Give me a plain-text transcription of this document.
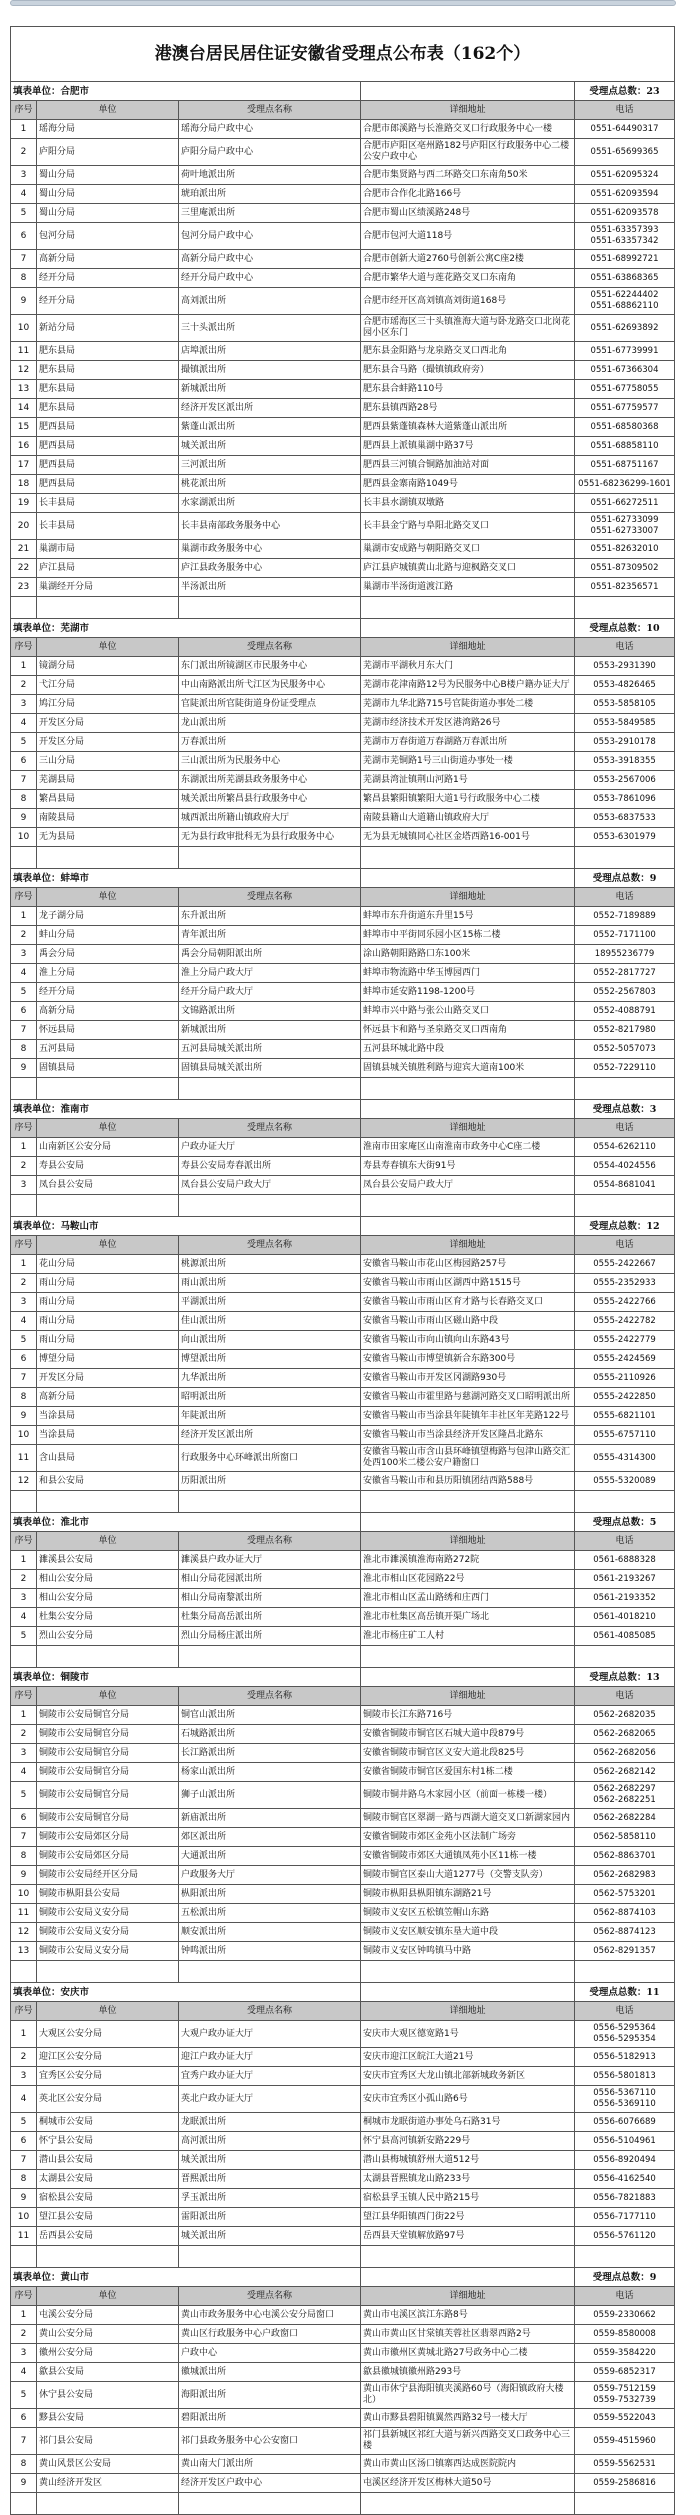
港澳台居民居住证安徽省受理点公布表（162个）				
填表单位：合肥市				受理点总数：23
序号	单位	受理点名称	详细地址	电话
1	瑶海分局	瑶海分局户政中心	合肥市郎溪路与长淮路交叉口行政服务中心一楼	0551-64490317
2	庐阳分局	庐阳分局户政中心	合肥市庐阳区亳州路182号庐阳区行政服务中心二楼公安户政中心	0551-65699365
3	蜀山分局	荷叶地派出所	合肥市集贤路与西二环路交口东南角50米	0551-62095324
4	蜀山分局	琥珀派出所	合肥市合作化北路166号	0551-62093594
5	蜀山分局	三里庵派出所	合肥市蜀山区绩溪路248号	0551-62093578
6	包河分局	包河分局户政中心	合肥市包河大道118号	0551-63357393
0551-63357342
7	高新分局	高新分局户政中心	合肥市创新大道2760号创新公寓C座2楼	0551-68992721
8	经开分局	经开分局户政中心	合肥市繁华大道与莲花路交叉口东南角	0551-63868365
9	经开分局	高刘派出所	合肥市经开区高刘镇高刘街道168号	0551-62244402
0551-68862110
10	新站分局	三十头派出所	合肥市瑶海区三十头镇淮海大道与卧龙路交口北岗花园小区东门	0551-62693892
11	肥东县局	店埠派出所	肥东县金阳路与龙泉路交叉口西北角	0551-67739991
12	肥东县局	撮镇派出所	肥东县合马路（撮镇镇政府旁）	0551-67366304
13	肥东县局	新城派出所	肥东县合蚌路110号	0551-67758055
14	肥东县局	经济开发区派出所	肥东县镇西路28号	0551-67759577
15	肥西县局	紫蓬山派出所	肥西县紫蓬镇森林大道紫蓬山派出所	0551-68580368
16	肥西县局	城关派出所	肥西县上派镇巢湖中路37号	0551-68858110
17	肥西县局	三河派出所	肥西县三河镇合铜路加油站对面	0551-68751167
18	肥西县局	桃花派出所	肥西县金寨南路1049号	0551-68236299-1601
19	长丰县局	水家湖派出所	长丰县水湖镇双墩路	0551-66272511
20	长丰县局	长丰县南部政务服务中心	长丰县金宁路与阜阳北路交叉口	0551-62733099
0551-62733007
21	巢湖市局	巢湖市政务服务中心	巢湖市安成路与朝阳路交叉口	0551-82632010
22	庐江县局	庐江县政务服务中心	庐江县庐城镇黄山北路与迎枫路交叉口	0551-87309502
23	巢湖经开分局	半汤派出所	巢湖市半汤街道渡江路	0551-82356571

填表单位：芜湖市				受理点总数：10
序号	单位	受理点名称	详细地址	电话
1	镜湖分局	东门派出所镜湖区市民服务中心	芜湖市平湖秋月东大门	0553-2931390
2	弋江分局	中山南路派出所弋江区为民服务中心	芜湖市花津南路12号为民服务中心B楼户籍办证大厅	0553-4826465
3	鸠江分局	官陡派出所官陡街道身份证受理点	芜湖市九华北路715号官陡街道办事处二楼	0553-5858105
4	开发区分局	龙山派出所	芜湖市经济技术开发区港湾路26号	0553-5849585
5	开发区分局	万春派出所	芜湖市万春街道万春湖路万春派出所	0553-2910178
6	三山分局	三山派出所为民服务中心	芜湖市芜铜路1号三山街道办事处一楼	0553-3918355
7	芜湖县局	东湖派出所芜湖县政务服务中心	芜湖县湾沚镇荆山河路1号	0553-2567006
8	繁昌县局	城关派出所繁昌县行政服务中心	繁昌县繁阳镇繁阳大道1号行政服务中心二楼	0553-7861096
9	南陵县局	城西派出所籍山镇政府大厅	南陵县籍山大道籍山镇政府大厅	0553-6837533
10	无为县局	无为县行政审批科无为县行政服务中心	无为县无城镇同心社区金塔西路16-001号	0553-6301979

填表单位：蚌埠市				受理点总数：9
序号	单位	受理点名称	详细地址	电话
1	龙子湖分局	东升派出所	蚌埠市东升街道东升里15号	0552-7189889
2	蚌山分局	青年派出所	蚌埠市中平街同乐园小区15栋二楼	0552-7171100
3	禹会分局	禹会分局朝阳派出所	涂山路朝阳路路口东100米	18955236779
4	淮上分局	淮上分局户政大厅	蚌埠市物流路中华玉博园西门	0552-2817727
5	经开分局	经开分局户政大厅	蚌埠市延安路1198-1200号	0552-2567803
6	高新分局	文锦路派出所	蚌埠市兴中路与张公山路交叉口	0552-4088791
7	怀远县局	新城派出所	怀远县卞和路与圣泉路交叉口西南角	0552-8217980
8	五河县局	五河县局城关派出所	五河县环城北路中段	0552-5057073
9	固镇县局	固镇县局城关派出所	固镇县城关镇胜利路与迎宾大道南100米	0552-7229110

填表单位：淮南市				受理点总数：3
序号	单位	受理点名称	详细地址	电话
1	山南新区公安分局	户政办证大厅	淮南市田家庵区山南淮南市政务中心C座二楼	0554-6262110
2	寿县公安局	寿县公安局寿春派出所	寿县寿春镇东大街91号	0554-4024556
3	凤台县公安局	凤台县公安局户政大厅	凤台县公安局户政大厅	0554-8681041

填表单位：马鞍山市				受理点总数：12
序号	单位	受理点名称	详细地址	电话
1	花山分局	桃源派出所	安徽省马鞍山市花山区梅园路257号	0555-2422667
2	雨山分局	雨山派出所	安徽省马鞍山市雨山区湖西中路1515号	0555-2352933
3	雨山分局	平湖派出所	安徽省马鞍山市雨山区育才路与长春路交叉口	0555-2422766
4	雨山分局	佳山派出所	安徽省马鞍山市雨山区磁山路中段	0555-2422782
5	雨山分局	向山派出所	安徽省马鞍山市向山镇向山东路43号	0555-2422779
6	博望分局	博望派出所	安徽省马鞍山市博望镇新合东路300号	0555-2424569
7	开发区分局	九华派出所	安徽省马鞍山市开发区冈湖路930号	0555-2110926
8	高新分局	昭明派出所	安徽省马鞍山市霍里路与慈湖河路交叉口昭明派出所	0555-2422850
9	当涂县局	年陡派出所	安徽省马鞍山市当涂县年陡镇年丰社区年芜路122号	0555-6821101
10	当涂县局	经济开发区派出所	安徽省马鞍山市当涂县经济开发区隆昌北路东	0555-6757110
11	含山县局	行政服务中心环峰派出所窗口	安徽省马鞍山市含山县环峰镇望梅路与包津山路交汇处西100米二楼公安户籍窗口	0555-4314300
12	和县公安局	历阳派出所	安徽省马鞍山市和县历阳镇团结西路588号	0555-5320089

填表单位：淮北市				受理点总数：5
序号	单位	受理点名称	详细地址	电话
1	濉溪县公安局	濉溪县户政办证大厅	淮北市濉溪镇淮海南路272院	0561-6888328
2	相山公安分局	相山分局花园派出所	淮北市相山区花园路22号	0561-2193267
3	相山公安分局	相山分局南黎派出所	淮北市相山区孟山路绣和庄西门	0561-2193352
4	杜集公安分局	杜集分局高岳派出所	淮北市杜集区高岳镇开渠广场北	0561-4018210
5	烈山公安分局	烈山分局杨庄派出所	淮北市杨庄矿工人村	0561-4085085

填表单位：铜陵市				受理点总数：13
序号	单位	受理点名称	详细地址	电话
1	铜陵市公安局铜官分局	铜官山派出所	铜陵市长江东路716号	0562-2682035
2	铜陵市公安局铜官分局	石城路派出所	安徽省铜陵市铜官区石城大道中段879号	0562-2682065
3	铜陵市公安局铜官分局	长江路派出所	安徽省铜陵市铜官区义安大道北段825号	0562-2682056
4	铜陵市公安局铜官分局	杨家山派出所	安徽省铜陵市铜官区爱国东村1栋二楼	0562-2682142
5	铜陵市公安局铜官分局	狮子山派出所	铜陵市铜井路乌木家园小区（前面一栋楼一楼）	0562-2682297
0562-2682251
6	铜陵市公安局铜官分局	新庙派出所	铜陵市铜官区翠湖一路与西湖大道交叉口新湖家园内	0562-2682284
7	铜陵市公安局郊区分局	郊区派出所	安徽省铜陵市郊区金苑小区法制广场旁	0562-5858110
8	铜陵市公安局郊区分局	大通派出所	安徽省铜陵市郊区大通镇凤苑小区11栋一楼	0562-8863701
9	铜陵市公安局经开区分局	户政服务大厅	铜陵市铜官区泰山大道1277号（交警支队旁）	0562-2682983
10	铜陵市枞阳县公安局	枞阳派出所	铜陵市枞阳县枞阳镇东湖路21号	0562-5753201
11	铜陵市公安局义安分局	五松派出所	铜陵市义安区五松镇笠帽山东路	0562-8874103
12	铜陵市公安局义安分局	顺安派出所	铜陵市义安区顺安镇东垦大道中段	0562-8874123
13	铜陵市公安局义安分局	钟鸣派出所	铜陵市义安区钟鸣镇马中路	0562-8291357

填表单位：安庆市				受理点总数：11
序号	单位	受理点名称	详细地址	电话
1	大观区公安分局	大观户政办证大厅	安庆市大观区德宽路1号	0556-5295364
0556-5295354
2	迎江区公安分局	迎江户政办证大厅	安庆市迎江区皖江大道21号	0556-5182913
3	宜秀区公安分局	宜秀户政办证大厅	安庆市宜秀区大龙山镇北部新城政务新区	0556-5801813
4	英北区公安分局	英北户政办证大厅	安庆市宜秀区小孤山路6号	0556-5367110
0556-5369110
5	桐城市公安局	龙眠派出所	桐城市龙眠街道办事处乌石路31号	0556-6076689
6	怀宁县公安局	高河派出所	怀宁县高河镇新安路229号	0556-5104961
7	潜山县公安局	城关派出所	潜山县梅城镇舒州大道512号	0556-8920494
8	太湖县公安局	晋熙派出所	太湖县晋熙镇龙山路233号	0556-4162540
9	宿松县公安局	孚玉派出所	宿松县孚玉镇人民中路215号	0556-7821883
10	望江县公安局	雷阳派出所	望江县华阳镇西门街22号	0556-7177110
11	岳西县公安局	城关派出所	岳西县天堂镇解放路97号	0556-5761120

填表单位：黄山市				受理点总数：9
序号	单位	受理点名称	详细地址	电话
1	屯溪公安分局	黄山市政务服务中心屯溪公安分局窗口	黄山市屯溪区滨江东路8号	0559-2330662
2	黄山公安分局	黄山区行政服务中心户政窗口	黄山市黄山区甘棠镇芙蓉社区翡翠西路2号	0559-8580008
3	徽州公安分局	户政中心	黄山市徽州区黄城北路27号政务中心二楼	0559-3584220
4	歙县公安局	徽城派出所	歙县徽城镇徽州路293号	0559-6852317
5	休宁县公安局	海阳派出所	黄山市休宁县海阳镇夹溪路60号（海阳镇政府大楼北）	0559-7512159
0559-7532739
6	黟县公安局	碧阳派出所	黄山市黟县碧阳镇翼然西路32号一楼大厅	0559-5522043
7	祁门县公安局	祁门县政务服务中心公安窗口	祁门县新城区祁红大道与新兴西路交叉口政务中心三楼	0559-4515960
8	黄山风景区公安局	黄山南大门派出所	黄山市黄山区汤口镇寨西达成医院院内	0559-5562531
9	黄山经济开发区	经济开发区户政中心	屯溪区经济开发区梅林大道50号	0559-2586816
